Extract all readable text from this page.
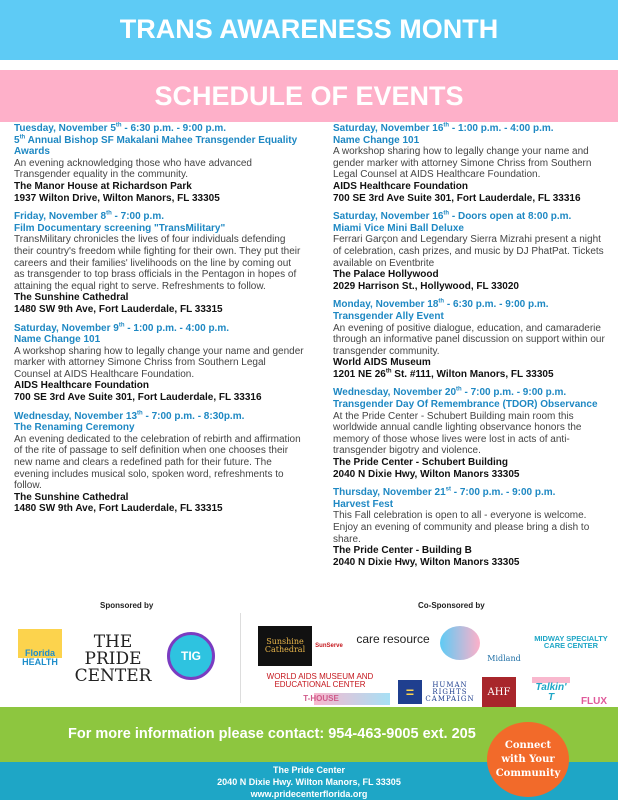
TRANS AWARENESS MONTH
SCHEDULE OF EVENTS
Tuesday, November 5th - 6:30 p.m. - 9:00 p.m.
5th Annual Bishop SF Makalani Mahee Transgender Equality Awards
An evening acknowledging those who have advanced Transgender equality in the community.
The Manor House at Richardson Park
1937 Wilton Drive, Wilton Manors, FL 33305
Friday, November 8th - 7:00 p.m.
Film Documentary screening "TransMilitary"
TransMilitary chronicles the lives of four individuals defending their country's freedom while fighting for their own. They put their careers and their families' livelihoods on the line by coming out as transgender to top brass officials in the Pentagon in hopes of attaining the equal right to serve. Refreshments to follow.
The Sunshine Cathedral
1480 SW 9th Ave, Fort Lauderdale, FL 33315
Saturday, November 9th - 1:00 p.m. - 4:00 p.m.
Name Change 101
A workshop sharing how to legally change your name and gender marker with attorney Simone Chriss from Southern Legal Counsel at AIDS Healthcare Foundation.
AIDS Healthcare Foundation
700 SE 3rd Ave Suite 301, Fort Lauderdale, FL 33316
Wednesday, November 13th - 7:00 p.m. - 8:30p.m.
The Renaming Ceremony
An evening dedicated to the celebration of rebirth and affirmation of the rite of passage to self definition when one chooses their new name and clears a redefined path for their future. The evening includes musical solo, spoken word, refreshments to follow.
The Sunshine Cathedral
1480 SW 9th Ave, Fort Lauderdale, FL 33315
Saturday, November 16th - 1:00 p.m. - 4:00 p.m.
Name Change 101
A workshop sharing how to legally change your name and gender marker with attorney Simone Chriss from Southern Legal Counsel at AIDS Healthcare Foundation.
AIDS Healthcare Foundation
700 SE 3rd Ave Suite 301, Fort Lauderdale, FL 33316
Saturday, November 16th - Doors open at 8:00 p.m.
Miami Vice Mini Ball Deluxe
Ferrari Garçon and Legendary Sierra Mizrahi present a night of celebration, cash prizes, and music by DJ PhatPat. Tickets available on Eventbrite
The Palace Hollywood
2029 Harrison St., Hollywood, FL 33020
Monday, November 18th - 6:30 p.m. - 9:00 p.m.
Transgender Ally Event
An evening of positive dialogue, education, and camaraderie through an informative panel discussion on support within our transgender community.
World AIDS Museum
1201 NE 26th St. #111, Wilton Manors, FL 33305
Wednesday, November 20th - 7:00 p.m. - 9:00 p.m.
Transgender Day Of Remembrance (TDOR) Observance
At the Pride Center - Schubert Building main room this worldwide annual candle lighting observance honors the memory of those whose lives were lost in acts of anti-transgender bigotry and violence.
The Pride Center - Schubert Building
2040 N Dixie Hwy, Wilton Manors 33305
Thursday, November 21st - 7:00 p.m. - 9:00 p.m.
Harvest Fest
This Fall celebration is open to all - everyone is welcome. Enjoy an evening of community and please bring a dish to share.
The Pride Center - Building B
2040 N Dixie Hwy, Wilton Manors 33305
Sponsored by	Co-Sponsored by
Florida HEALTH
THE PRIDE CENTER
TIG
Sunshine Cathedral	SunServe	care resource
Midland
MIDWAY SPECIALTY CARE CENTER
WORLD AIDS MUSEUM AND EDUCATIONAL CENTER
T-HOUSE	=	HUMAN RIGHTS CAMPAIGN
AHF	Talkin' T	FLUX
For more information please contact: 954-463-9005 ext. 205
The Pride Center
2040 N Dixie Hwy. Wilton Manors, FL 33305
www.pridecenterflorida.org
Connect
with Your
Community
